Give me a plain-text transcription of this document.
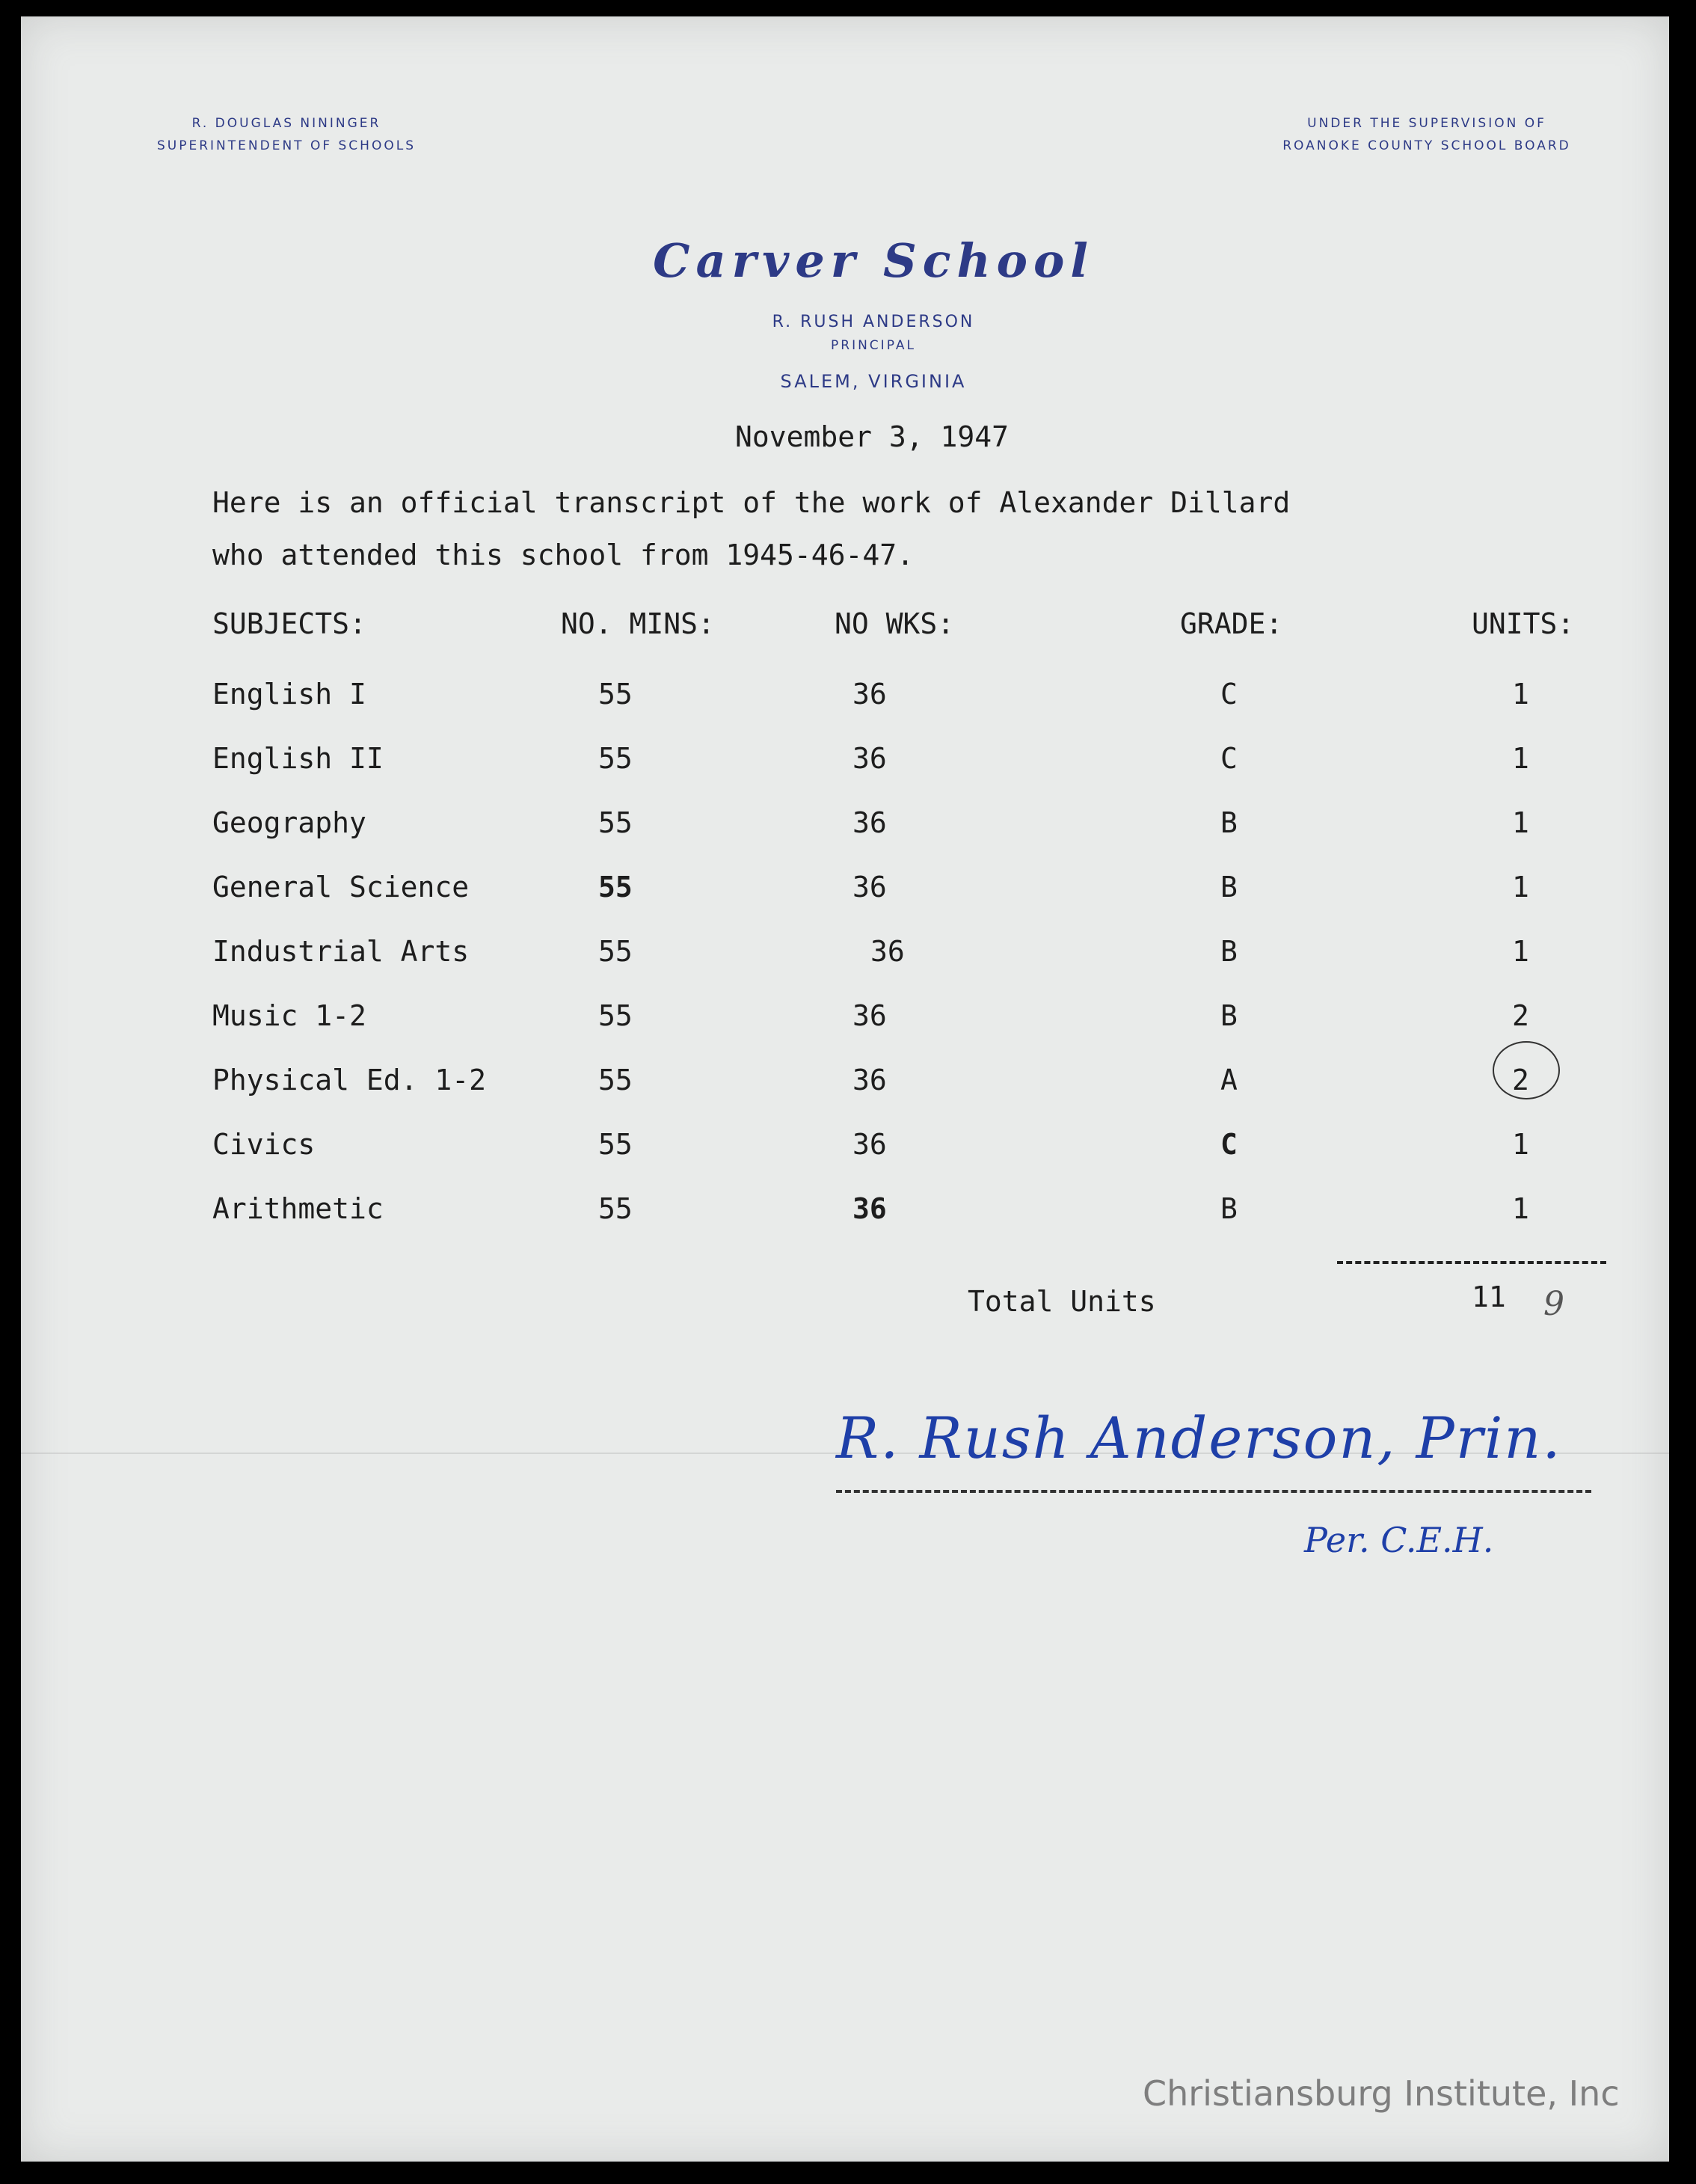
R. DOUGLAS NININGER
SUPERINTENDENT OF SCHOOLS
UNDER THE SUPERVISION OF
ROANOKE COUNTY SCHOOL BOARD
Carver School
R. RUSH ANDERSON
PRINCIPAL
SALEM, VIRGINIA
November 3, 1947
Here is an official transcript of the work of Alexander Dillard
who attended this school from 1945-46-47.
SUBJECTS:	NO. MINS:	NO WKS:	GRADE:	UNITS:
English I	55	36	C	1
English II	55	36	C	1
Geography	55	36	B	1
General Science	55	36	B	1
Industrial Arts	55	36	B	1
Music 1-2	55	36	B	2
Physical Ed. 1-2	55	36	A	2
Civics	55	36	C	1
Arithmetic	55	36	B	1
Total Units	11 9
R. Rush Anderson, Prin.
Per. C.E.H.
Christiansburg Institute, Inc
